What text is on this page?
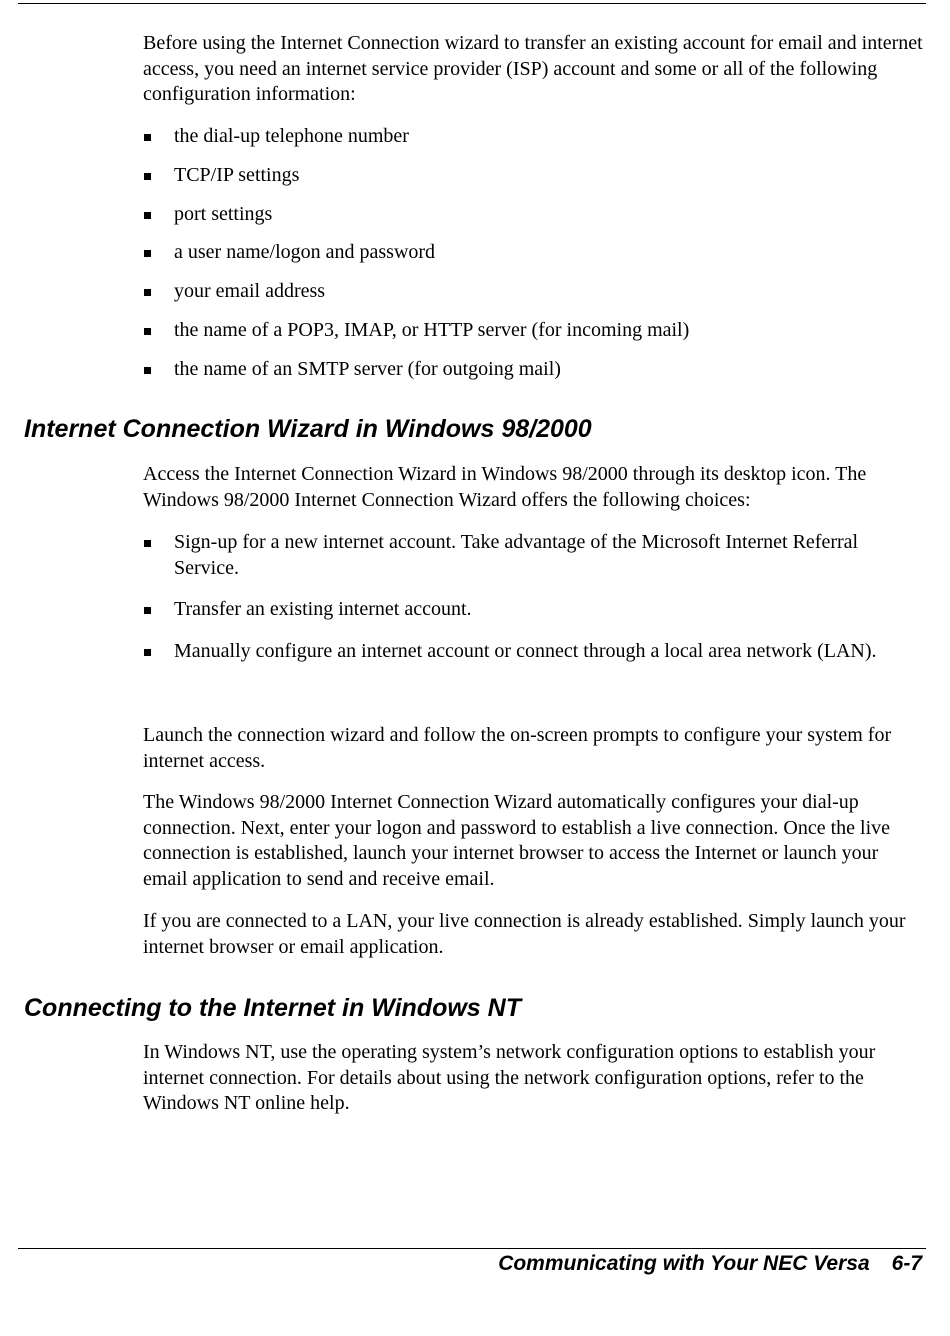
Before using the Internet Connection wizard to transfer an existing account for email and internet access, you need an internet service provider (ISP) account and some or all of the following configuration information:

the dial-up telephone number
TCP/IP settings
port settings
a user name/logon and password
your email address
the name of a POP3, IMAP, or HTTP server (for incoming mail)
the name of an SMTP server (for outgoing mail)
Internet Connection Wizard in Windows 98/2000

Access the Internet Connection Wizard in Windows 98/2000 through its desktop icon. The Windows 98/2000 Internet Connection Wizard offers the following choices:

Sign-up for a new internet account. Take advantage of the Microsoft Internet Referral Service.
Transfer an existing internet account.
Manually configure an internet account or connect through a local area network (LAN).

Launch the connection wizard and follow the on-screen prompts to configure your system for internet access.

The Windows 98/2000 Internet Connection Wizard automatically configures your dial-up connection. Next, enter your logon and password to establish a live connection. Once the live connection is established, launch your internet browser to access the Internet or launch your email application to send and receive email.

If you are connected to a LAN, your live connection is already established. Simply launch your internet browser or email application.

Connecting to the Internet in Windows NT

In Windows NT, use the operating system’s network configuration options to establish your internet connection. For details about using the network configuration options, refer to the Windows NT online help.

Communicating with Your NEC Versa 6-7
